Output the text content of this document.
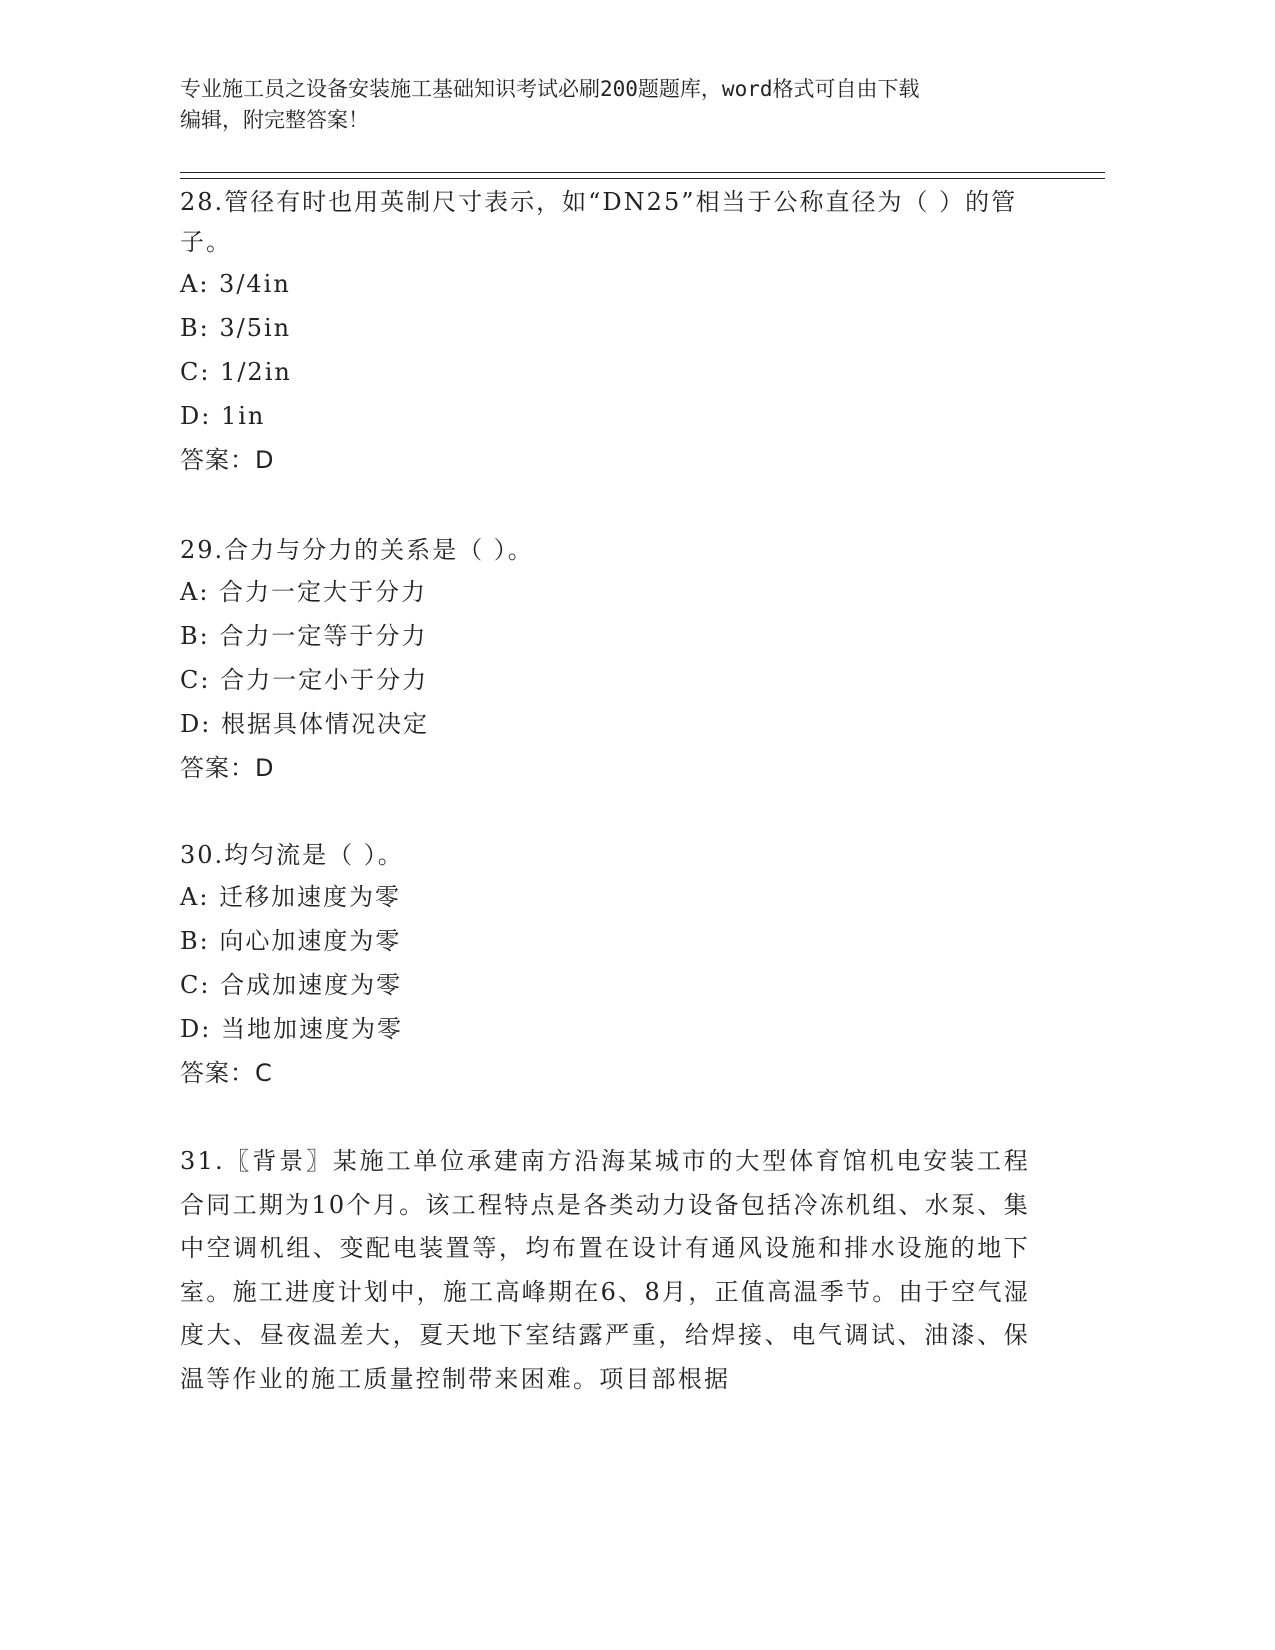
专业施工员之设备安装施工基础知识考试必刷200题题库，word格式可自由下载
编辑，附完整答案！
28.管径有时也用英制尺寸表示，如“DN25”相当于公称直径为（ ）的管子。
A: 3/4in
B: 3/5in
C: 1/2in
D: 1in
答案：D
29.合力与分力的关系是（ ）。
A: 合力一定大于分力
B: 合力一定等于分力
C: 合力一定小于分力
D: 根据具体情况决定
答案：D
30.均匀流是（ ）。
A: 迁移加速度为零
B: 向心加速度为零
C: 合成加速度为零
D: 当地加速度为零
答案：C
31.〖背景〗某施工单位承建南方沿海某城市的大型体育馆机电安装工程合同工期为10个月。该工程特点是各类动力设备包括冷冻机组、水泵、集中空调机组、变配电装置等，均布置在设计有通风设施和排水设施的地下室。施工进度计划中，施工高峰期在6、8月，正值高温季节。由于空气湿度大、昼夜温差大，夏天地下室结露严重，给焊接、电气调试、油漆、保温等作业的施工质量控制带来困难。项目部根据
